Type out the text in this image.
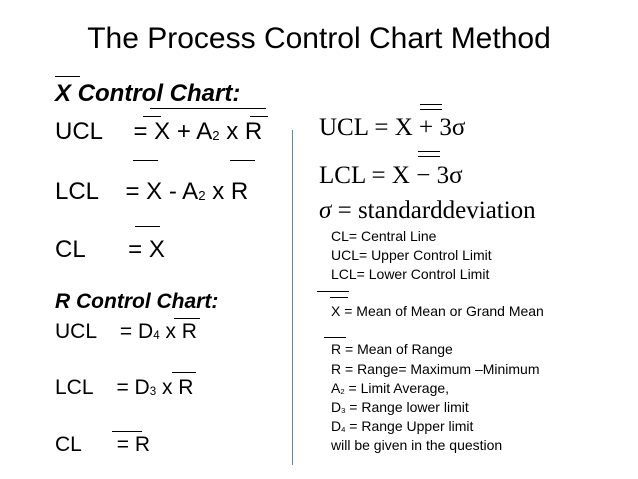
The Process Control Chart Method
X Control Chart:
UCL = $X + A_2$ x R
LCL = X - $A_2$ x R
CL = X
R Control Chart:
UCL = $D_4$ x R
LCL = $D_3$ x R
CL = R
UCL = X + 3σ
LCL = X − 3σ
σ = standarddeviation
CL= Central Line
UCL= Upper Control Limit
LCL= Lower Control Limit
X = Mean of Mean or Grand Mean
R = Mean of Range
R = Range= Maximum –Minimum
$A_2$ = Limit Average,
$D_3$ = Range lower limit
$D_4$ = Range Upper limit
will be given in the question
